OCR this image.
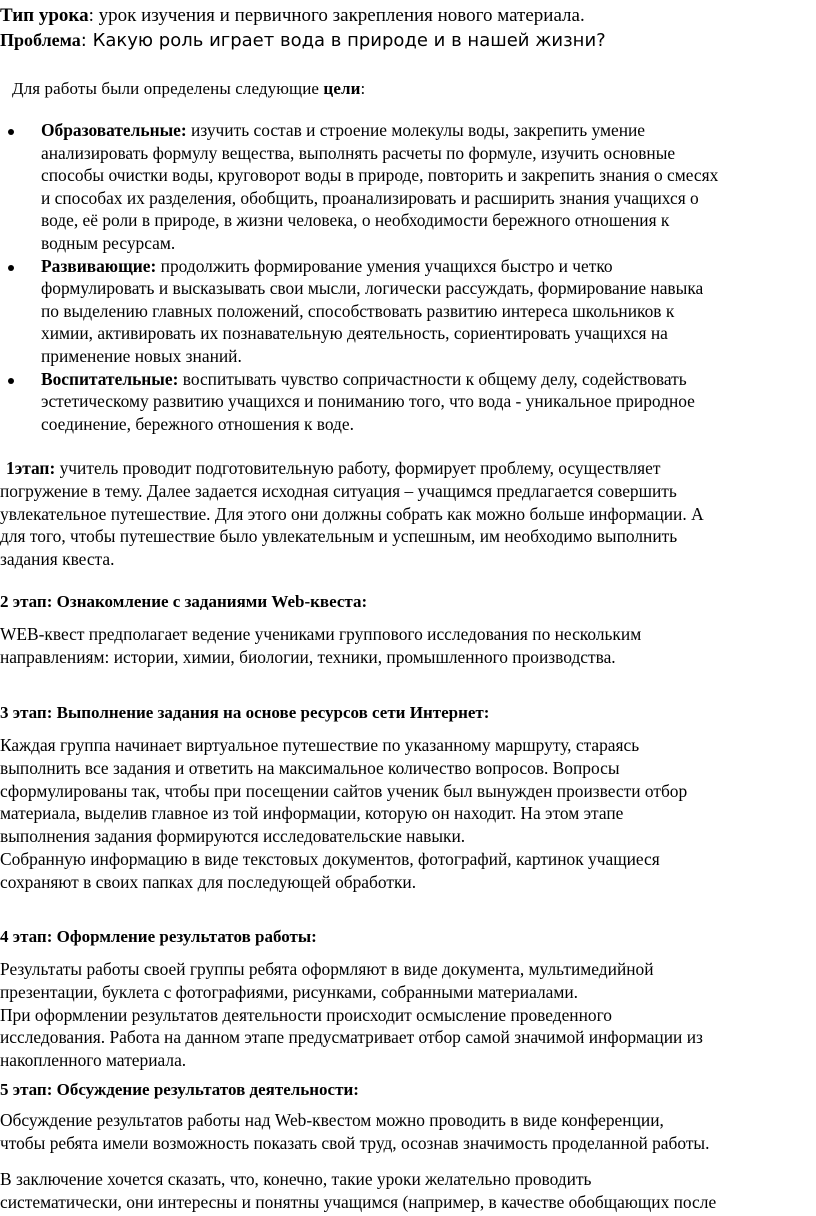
Тип урока: урок изучения и первичного закрепления нового материала.
Проблема: Какую роль играет вода в природе и в нашей жизни?
Для работы были определены следующие цели:
Образовательные: изучить состав и строение молекулы воды, закрепить умение
анализировать формулу вещества, выполнять расчеты по формуле, изучить основные
способы очистки воды, круговорот воды в природе, повторить и закрепить знания о смесях
и способах их разделения, обобщить, проанализировать и расширить знания учащихся о
воде, её роли в природе, в жизни человека, о необходимости бережного отношения к
водным ресурсам.
Развивающие: продолжить формирование умения учащихся быстро и четко
формулировать и высказывать свои мысли, логически рассуждать, формирование навыка
по выделению главных положений, способствовать развитию интереса школьников к
химии, активировать их познавательную деятельность, сориентировать учащихся на
применение новых знаний.
Воспитательные: воспитывать чувство сопричастности к общему делу, содействовать
эстетическому развитию учащихся и пониманию того, что вода - уникальное природное
соединение, бережного отношения к воде.
1этап: учитель проводит подготовительную работу, формирует проблему, осуществляет
погружение в тему. Далее задается исходная ситуация – учащимся предлагается совершить
увлекательное путешествие. Для этого они должны собрать как можно больше информации. А
для того, чтобы путешествие было увлекательным и успешным, им необходимо выполнить
задания квеста.
2 этап: Ознакомление с заданиями Web-квеста:
WEB-квест предполагает ведение учениками группового исследования по нескольким
направлениям: истории, химии, биологии, техники, промышленного производства.
3 этап: Выполнение задания на основе ресурсов сети Интернет:
Каждая группа начинает виртуальное путешествие по указанному маршруту, стараясь
выполнить все задания и ответить на максимальное количество вопросов. Вопросы
сформулированы так, чтобы при посещении сайтов ученик был вынужден произвести отбор
материала, выделив главное из той информации, которую он находит. На этом этапе
выполнения задания формируются исследовательские навыки.
Собранную информацию в виде текстовых документов, фотографий, картинок учащиеся
сохраняют в своих папках для последующей обработки.
4 этап: Оформление результатов работы:
Результаты работы своей группы ребята оформляют в виде документа, мультимедийной
презентации, буклета с фотографиями, рисунками, собранными материалами.
При оформлении результатов деятельности происходит осмысление проведенного
исследования. Работа на данном этапе предусматривает отбор самой значимой информации из
накопленного материала.
5 этап: Обсуждение результатов деятельности:
Обсуждение результатов работы над Web-квестом можно проводить в виде конференции,
чтобы ребята имели возможность показать свой труд, осознав значимость проделанной работы.
В заключение хочется сказать, что, конечно, такие уроки желательно проводить
систематически, они интересны и понятны учащимся (например, в качестве обобщающих после
